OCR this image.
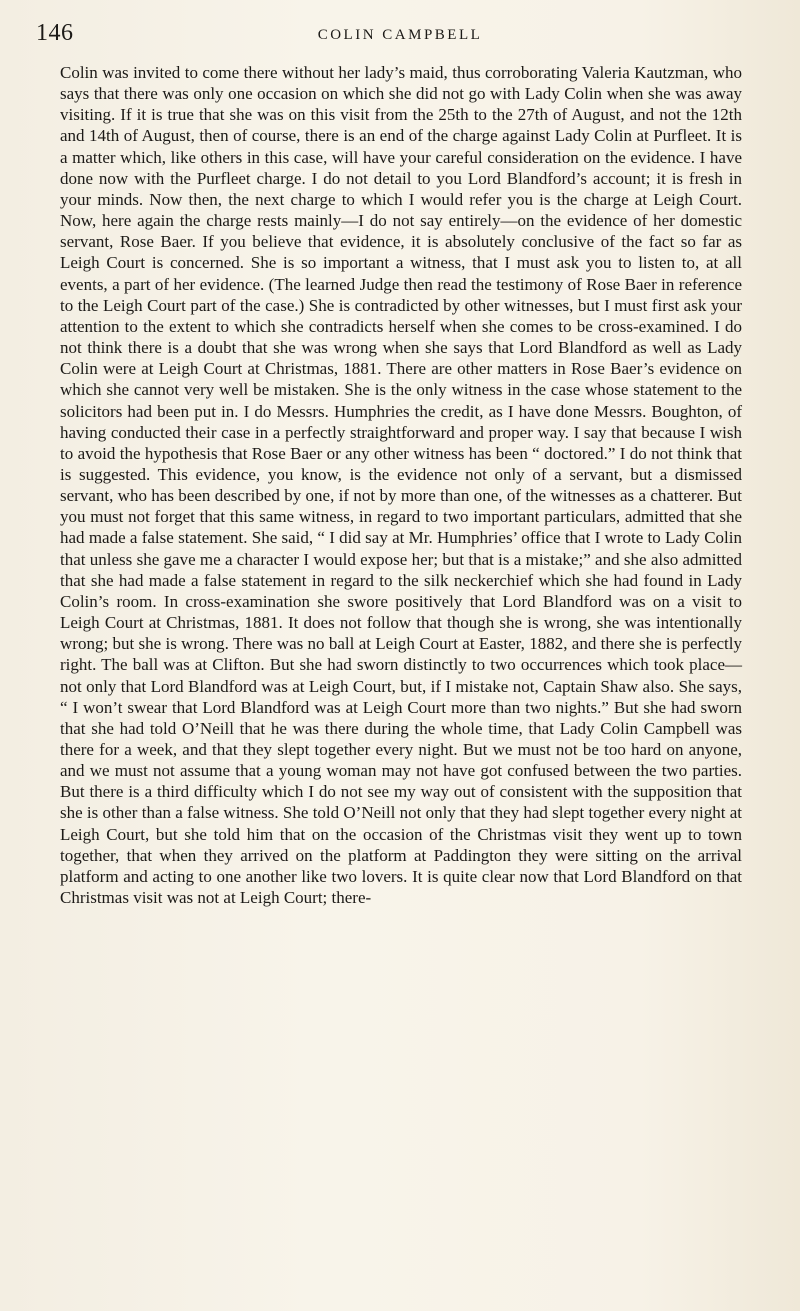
146	COLIN CAMPBELL

Colin was invited to come there without her lady’s maid, thus corroborating Valeria Kautzman, who says that there was only one occasion on which she did not go with Lady Colin when she was away visiting. If it is true that she was on this visit from the 25th to the 27th of August, and not the 12th and 14th of August, then of course, there is an end of the charge against Lady Colin at Purfleet. It is a matter which, like others in this case, will have your careful consideration on the evidence. I have done now with the Purfleet charge. I do not detail to you Lord Blandford’s account; it is fresh in your minds. Now then, the next charge to which I would refer you is the charge at Leigh Court. Now, here again the charge rests mainly—I do not say entirely—on the evidence of her domestic servant, Rose Baer. If you believe that evidence, it is absolutely conclusive of the fact so far as Leigh Court is concerned. She is so important a witness, that I must ask you to listen to, at all events, a part of her evidence. (The learned Judge then read the testimony of Rose Baer in reference to the Leigh Court part of the case.) She is contradicted by other witnesses, but I must first ask your attention to the extent to which she contradicts herself when she comes to be cross-examined. I do not think there is a doubt that she was wrong when she says that Lord Blandford as well as Lady Colin were at Leigh Court at Christmas, 1881. There are other matters in Rose Baer’s evidence on which she cannot very well be mistaken. She is the only witness in the case whose statement to the solicitors had been put in. I do Messrs. Humphries the credit, as I have done Messrs. Boughton, of having conducted their case in a perfectly straightforward and proper way. I say that because I wish to avoid the hypothesis that Rose Baer or any other witness has been “ doctored.” I do not think that is suggested. This evidence, you know, is the evidence not only of a servant, but a dismissed servant, who has been described by one, if not by more than one, of the witnesses as a chatterer. But you must not forget that this same witness, in regard to two important particulars, admitted that she had made a false statement. She said, “ I did say at Mr. Humphries’ office that I wrote to Lady Colin that unless she gave me a character I would expose her; but that is a mistake;” and she also admitted that she had made a false statement in regard to the silk neckerchief which she had found in Lady Colin’s room. In cross-examination she swore positively that Lord Blandford was on a visit to Leigh Court at Christmas, 1881. It does not follow that though she is wrong, she was intentionally wrong; but she is wrong. There was no ball at Leigh Court at Easter, 1882, and there she is perfectly right. The ball was at Clifton. But she had sworn distinctly to two occurrences which took place—not only that Lord Blandford was at Leigh Court, but, if I mistake not, Captain Shaw also. She says, “ I won’t swear that Lord Blandford was at Leigh Court more than two nights.” But she had sworn that she had told O’Neill that he was there during the whole time, that Lady Colin Campbell was there for a week, and that they slept together every night. But we must not be too hard on anyone, and we must not assume that a young woman may not have got confused between the two parties. But there is a third difficulty which I do not see my way out of consistent with the supposition that she is other than a false witness. She told O’Neill not only that they had slept together every night at Leigh Court, but she told him that on the occasion of the Christmas visit they went up to town together, that when they arrived on the platform at Paddington they were sitting on the arrival platform and acting to one another like two lovers. It is quite clear now that Lord Blandford on that Christmas visit was not at Leigh Court; there-
